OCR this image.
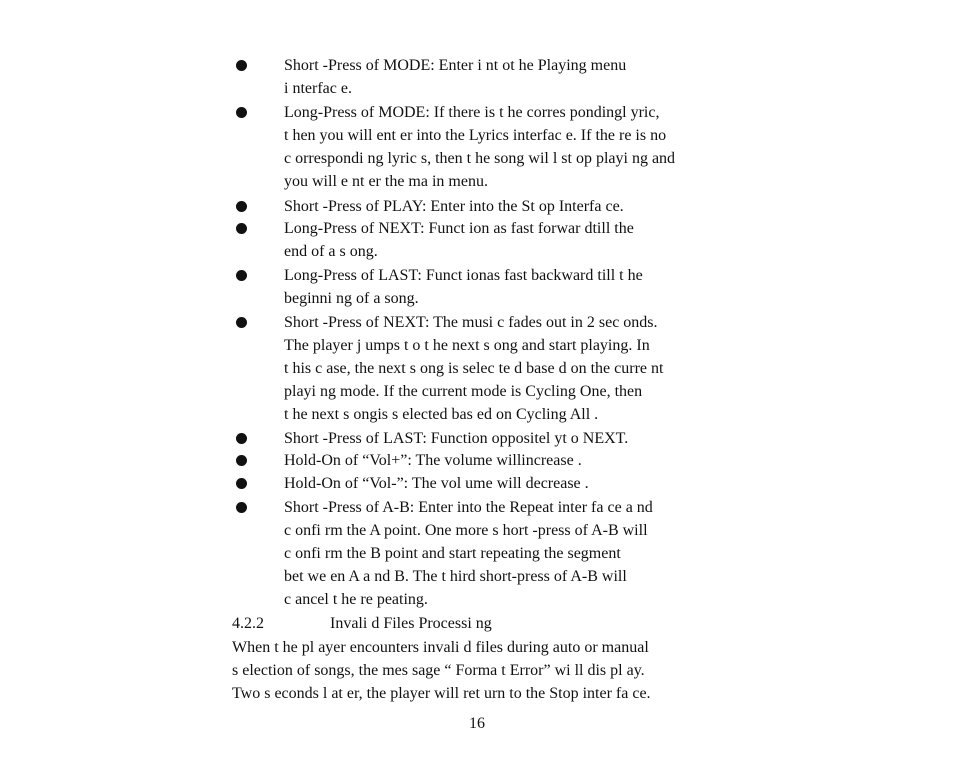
Short -Press of MODE: Enter i nt ot he Playing menu
i nterfac e.
Long-Press of MODE: If there is t he corres pondingl yric,
t hen you will ent er into the Lyrics interfac e. If the re is no
c orrespondi ng lyric s, then t he song wil l st op playi ng and
you will e nt er the ma in menu.
Short -Press of PLAY: Enter into the St op Interfa ce.
Long-Press of NEXT: Funct ion as fast forwar dtill the
end of a s ong.
Long-Press of LAST: Funct ionas fast backward till t he
beginni ng of a song.
Short -Press of NEXT: The musi c fades out in 2 sec onds.
The player j umps t o t he next s ong and start playing. In
t his c ase, the next s ong is selec te d base d on the curre nt
playi ng mode. If the current mode is Cycling One, then
t he next s ongis s elected bas ed on Cycling All .
Short -Press of LAST: Function oppositel yt o NEXT.
Hold-On of “Vol+”: The volume willincrease .
Hold-On of “Vol-”: The vol ume will decrease .
Short -Press of A-B: Enter into the Repeat inter fa ce a nd
c onfi rm the A point. One more s hort -press of A-B will
c onfi rm the B point and start repeating the segment
bet we en A a nd B. The t hird short-press of A-B will
c ancel t he re peating.
4.2.2	Invali d Files Processi ng
When t he pl ayer encounters invali d files during auto or manual
s election of songs, the mes sage “ Forma t Error” wi ll dis pl ay.
Two s econds l at er, the player will ret urn to the Stop inter fa ce.
16
